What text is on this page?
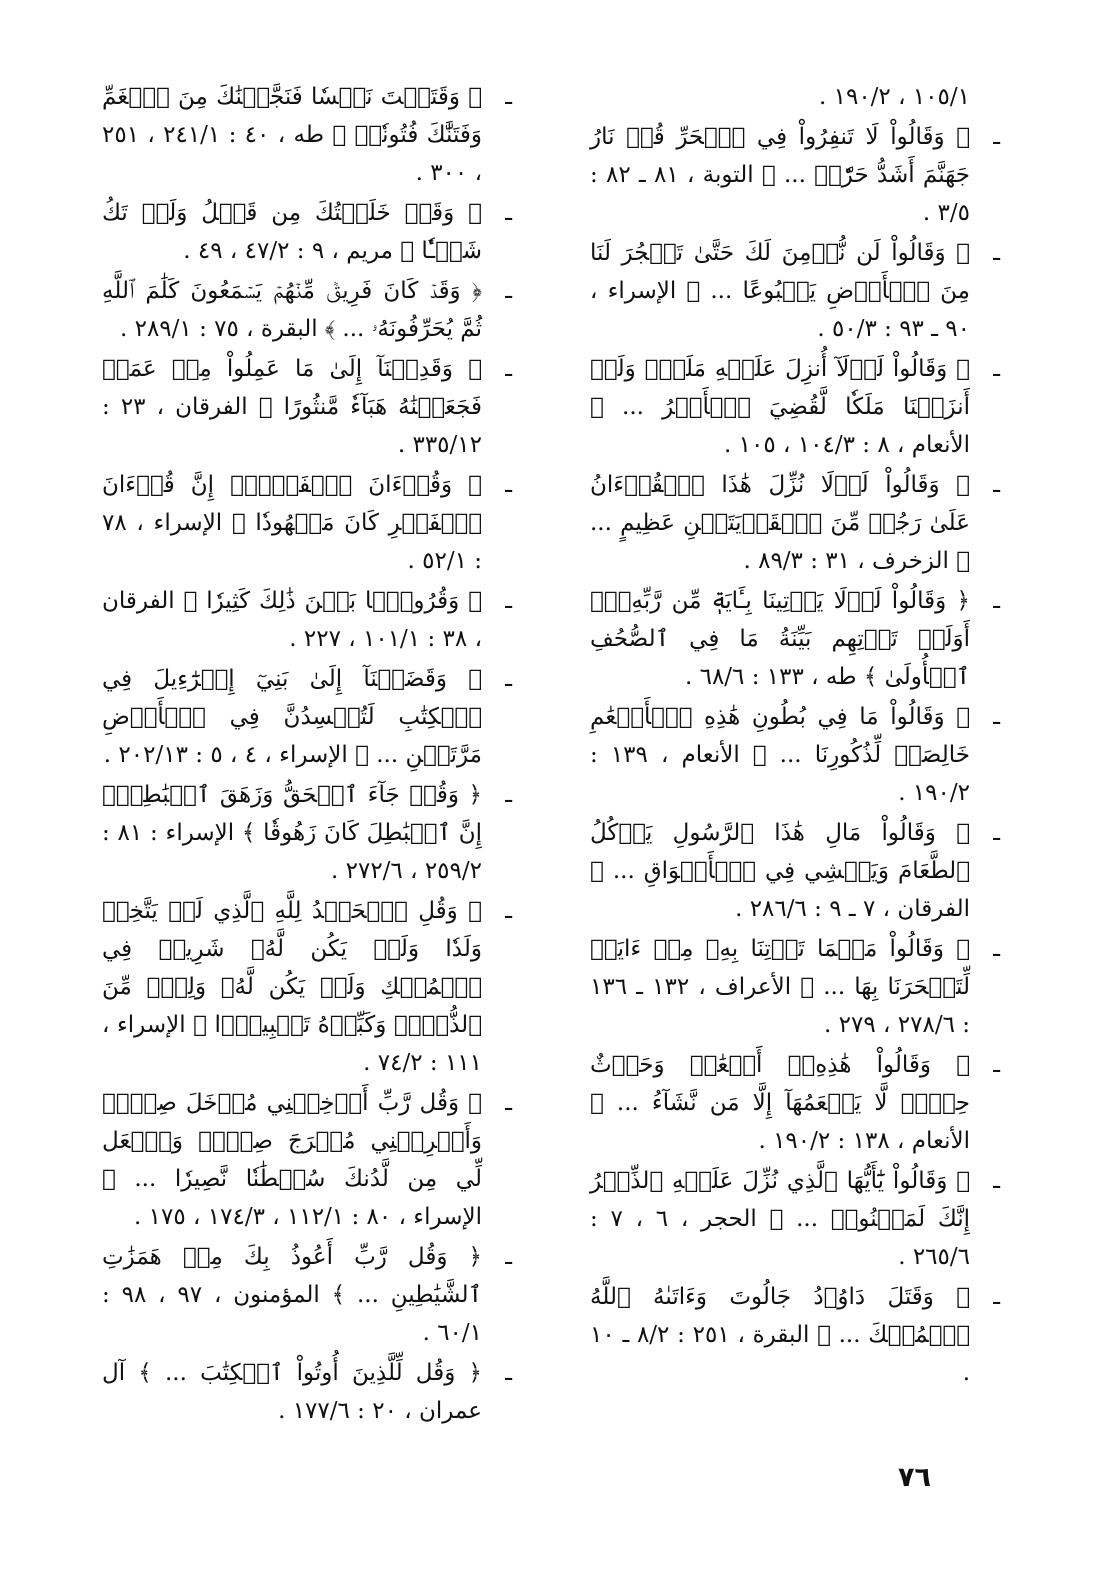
١٠٥/١ ، ١٩٠/٢ .

ـ
﴿ وَقَالُواْ لَا تَنفِرُواْ فِي ٱلۡحَرِّ قُلۡ نَارُ جَهَنَّمَ أَشَدُّ حَرّٗاۚ ... ﴾ التوبة ، ٨١ ـ ٨٢ : ٣/٥ .
ـ
﴿ وَقَالُواْ لَن نُّؤۡمِنَ لَكَ حَتَّىٰ تَفۡجُرَ لَنَا مِنَ ٱلۡأَرۡضِ يَنۢبُوعًا ... ﴾ الإسراء ، ٩٠ ـ ٩٣ : ٥٠/٣ .
ـ
﴿ وَقَالُواْ لَوۡلَآ أُنزِلَ عَلَيۡهِ مَلَكٞۖ وَلَوۡ أَنزَلۡنَا مَلَكٗا لَّقُضِيَ ٱلۡأَمۡرُ ... ﴾ الأنعام ، ٨ : ١٠٤/٣ ، ١٠٥ .
ـ
﴿ وَقَالُواْ لَوۡلَا نُزِّلَ هَٰذَا ٱلۡقُرۡءَانُ عَلَىٰ رَجُلٖ مِّنَ ٱلۡقَرۡيَتَيۡنِ عَظِيمٍ ... ﴾ الزخرف ، ٣١ : ٨٩/٣ .
ـ
﴿ وَقَالُواْ لَوۡلَا يَأۡتِينَا بِـَٔايَةٖ مِّن رَّبِّهِۦٓۚ أَوَلَمۡ تَأۡتِهِم بَيِّنَةُ مَا فِي ٱلصُّحُفِ ٱلۡأُولَىٰ ﴾ طه ، ١٣٣ : ٦٨/٦ .
ـ
﴿ وَقَالُواْ مَا فِي بُطُونِ هَٰذِهِ ٱلۡأَنۡعَٰمِ خَالِصَةٞ لِّذُكُورِنَا ... ﴾ الأنعام ، ١٣٩ : ١٩٠/٢ .
ـ
﴿ وَقَالُواْ مَالِ هَٰذَا ٱلرَّسُولِ يَأۡكُلُ ٱلطَّعَامَ وَيَمۡشِي فِي ٱلۡأَسۡوَاقِ ... ﴾ الفرقان ، ٧ ـ ٩ : ٢٨٦/٦ .
ـ
﴿ وَقَالُواْ مَهۡمَا تَأۡتِنَا بِهِۦ مِنۡ ءَايَةٖ لِّتَسۡحَرَنَا بِهَا ... ﴾ الأعراف ، ١٣٢ ـ ١٣٦ : ٢٧٨/٦ ، ٢٧٩ .
ـ
﴿ وَقَالُواْ هَٰذِهِۦٓ أَنۡعَٰمٞ وَحَرۡثٌ حِجۡرٞ لَّا يَطۡعَمُهَآ إِلَّا مَن نَّشَآءُ ... ﴾ الأنعام ، ١٣٨ : ١٩٠/٢ .
ـ
﴿ وَقَالُواْ يَٰٓأَيُّهَا ٱلَّذِي نُزِّلَ عَلَيۡهِ ٱلذِّكۡرُ إِنَّكَ لَمَجۡنُونٞ ... ﴾ الحجر ، ٦ ، ٧ : ٢٦٥/٦ .
ـ
﴿ وَقَتَلَ دَاوُۥدُ جَالُوتَ وَءَاتَىٰهُ ٱللَّهُ ٱلۡمُلۡكَ ... ﴾ البقرة ، ٢٥١ : ٨/٢ ـ ١٠ .
ـ
﴿ وَقَتَلۡتَ نَفۡسٗا فَنَجَّيۡنَٰكَ مِنَ ٱلۡغَمِّ وَفَتَنَّٰكَ فُتُونٗاۚ ﴾ طه ، ٤٠ : ٢٤١/١ ، ٢٥١ ، ٣٠٠ .
ـ
﴿ وَقَدۡ خَلَقۡتُكَ مِن قَبۡلُ وَلَمۡ تَكُ شَيۡـٔٗا ﴾ مريم ، ٩ : ٤٧/٢ ، ٤٩ .
ـ
﴿ وَقَدۡ كَانَ فَرِيقٞ مِّنۡهُمۡ يَسۡمَعُونَ كَلَٰمَ ٱللَّهِ ثُمَّ يُحَرِّفُونَهُۥ ... ﴾ البقرة ، ٧٥ : ٢٨٩/١ .
ـ
﴿ وَقَدِمۡنَآ إِلَىٰ مَا عَمِلُواْ مِنۡ عَمَلٖ فَجَعَلۡنَٰهُ هَبَآءٗ مَّنثُورًا ﴾ الفرقان ، ٢٣ : ٣٣٥/١٢ .
ـ
﴿ وَقُرۡءَانَ ٱلۡفَجۡرِۖ إِنَّ قُرۡءَانَ ٱلۡفَجۡرِ كَانَ مَشۡهُودٗا ﴾ الإسراء ، ٧٨ : ٥٢/١ .
ـ
﴿ وَقُرُونَۢا بَيۡنَ ذَٰلِكَ كَثِيرٗا ﴾ الفرقان ، ٣٨ : ١٠١/١ ، ٢٢٧ .
ـ
﴿ وَقَضَيۡنَآ إِلَىٰ بَنِيٓ إِسۡرَٰٓءِيلَ فِي ٱلۡكِتَٰبِ لَتُفۡسِدُنَّ فِي ٱلۡأَرۡضِ مَرَّتَيۡنِ ... ﴾ الإسراء ، ٤ ، ٥ : ٢٠٢/١٣ .
ـ
﴿ وَقُلۡ جَآءَ ٱلۡحَقُّ وَزَهَقَ ٱلۡبَٰطِلُۚ إِنَّ ٱلۡبَٰطِلَ كَانَ زَهُوقٗا ﴾ الإسراء : ٨١ : ٢٥٩/٢ ، ٢٧٢/٦ .
ـ
﴿ وَقُلِ ٱلۡحَمۡدُ لِلَّهِ ٱلَّذِي لَمۡ يَتَّخِذۡ وَلَدٗا وَلَمۡ يَكُن لَّهُۥ شَرِيكٞ فِي ٱلۡمُلۡكِ وَلَمۡ يَكُن لَّهُۥ وَلِيّٞ مِّنَ ٱلذُّلِّۖ وَكَبِّرۡهُ تَكۡبِيرَۢا ﴾ الإسراء ، ١١١ : ٧٤/٢ .
ـ
﴿ وَقُل رَّبِّ أَدۡخِلۡنِي مُدۡخَلَ صِدۡقٖ وَأَخۡرِجۡنِي مُخۡرَجَ صِدۡقٖ وَٱجۡعَل لِّي مِن لَّدُنكَ سُلۡطَٰنٗا نَّصِيرٗا ... ﴾ الإسراء ، ٨٠ : ١١٢/١ ، ١٧٤/٣ ، ١٧٥ .
ـ
﴿ وَقُل رَّبِّ أَعُوذُ بِكَ مِنۡ هَمَزَٰتِ ٱلشَّيَٰطِينِ ... ﴾ المؤمنون ، ٩٧ ، ٩٨ : ٦٠/١ .
ـ
﴿ وَقُل لِّلَّذِينَ أُوتُواْ ٱلۡكِتَٰبَ ... ﴾ آل عمران ، ٢٠ : ١٧٧/٦ .
٧٦
